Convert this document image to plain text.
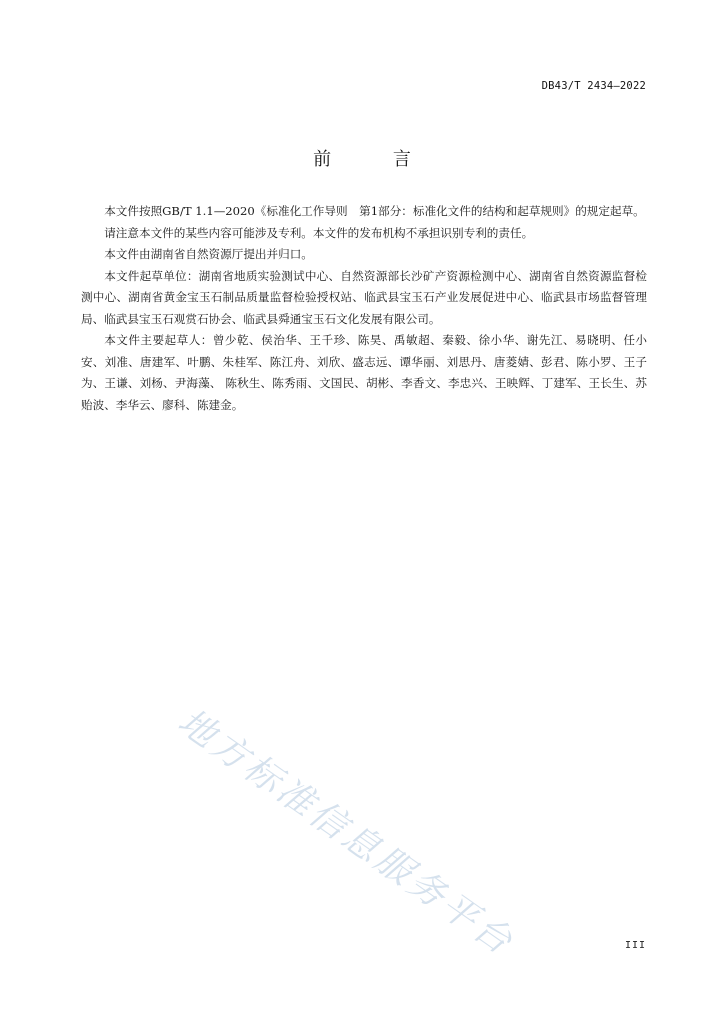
DB43/T 2434—2022
前 言

本文件按照GB/T 1.1—2020《标准化工作导则　第1部分：标准化文件的结构和起草规则》的规定起草。

请注意本文件的某些内容可能涉及专利。本文件的发布机构不承担识别专利的责任。

本文件由湖南省自然资源厅提出并归口。

本文件起草单位：湖南省地质实验测试中心、自然资源部长沙矿产资源检测中心、湖南省自然资源监督检测中心、湖南省黄金宝玉石制品质量监督检验授权站、临武县宝玉石产业发展促进中心、临武县市场监督管理局、临武县宝玉石观赏石协会、临武县舜通宝玉石文化发展有限公司。

本文件主要起草人：曾少乾、侯治华、王千珍、陈昊、禹敏超、秦毅、徐小华、谢先江、易晓明、任小安、刘准、唐建军、叶鹏、朱桂军、陈江舟、刘欣、盛志远、谭华丽、刘思丹、唐菱婧、彭君、陈小罗、王子为、王谦、刘杨、尹海藻、 陈秋生、陈秀雨、文国民、胡彬、李香文、李忠兴、王映辉、丁建军、王长生、苏贻波、李华云、廖科、陈建金。

地方标准信息服务平台	III
